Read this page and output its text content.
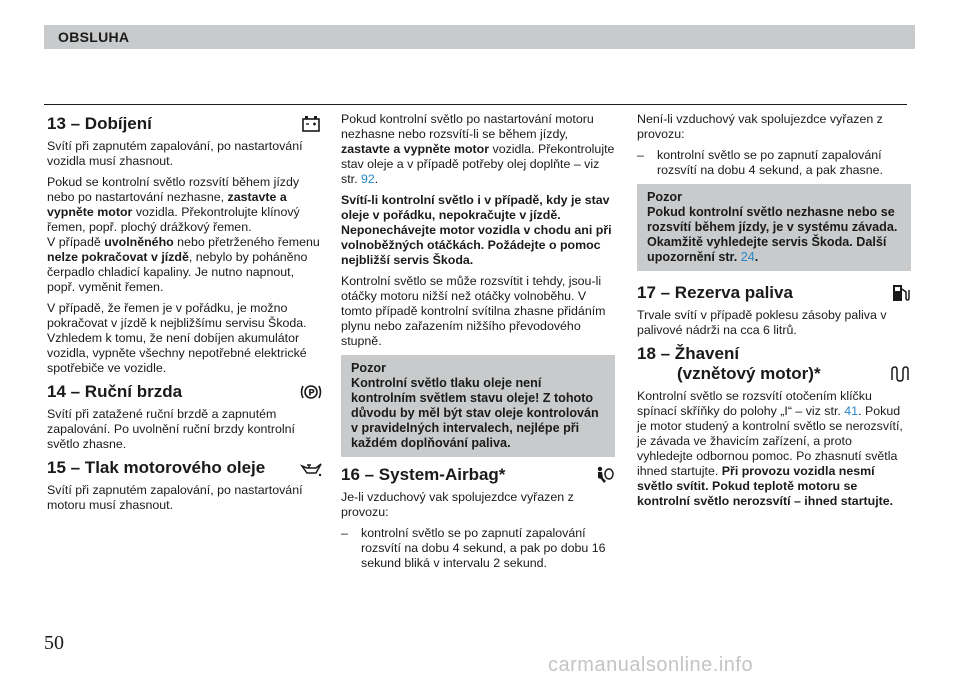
OBSLUHA
13 – Dobíjení

Svítí při zapnutém zapalování, po nastartování vozidla musí zhasnout.

Pokud se kontrolní světlo rozsvítí během jízdy nebo po nastartování nezhasne, zastavte a vypněte motor vozidla. Překontrolujte klínový řemen, popř. plochý drážkový řemen.
V případě uvolněného nebo přetrženého řemenu nelze pokračovat v jízdě, nebylo by poháněno čerpadlo chladicí kapaliny. Je nutno napnout, popř. vyměnit řemen.

V případě, že řemen je v pořádku, je možno pokračovat v jízdě k nejbližšímu servisu Škoda. Vzhledem k tomu, že není dobíjen akumulátor vozidla, vypněte všechny nepotřebné elektrické spotřebiče ve vozidle.

14 – Ruční brzda	P

Svítí při zatažené ruční brzdě a zapnutém zapalování. Po uvolnění ruční brzdy kontrolní světlo zhasne.

15 – Tlak motorového oleje

Svítí při zapnutém zapalování, po nastartování motoru musí zhasnout.

Pokud kontrolní světlo po nastartování motoru nezhasne nebo rozsvítí-li se během jízdy, zastavte a vypněte motor vozidla. Překontrolujte stav oleje a v případě potřeby olej doplňte – viz str. 92.

Svítí-li kontrolní světlo i v případě, kdy je stav oleje v pořádku, nepokračujte v jízdě. Neponechávejte motor vozidla v chodu ani při volnoběžných otáčkách. Požádejte o pomoc nejbližší servis Škoda.

Kontrolní světlo se může rozsvítit i tehdy, jsou-li otáčky motoru nižší než otáčky volnoběhu. V tomto případě kontrolní svítilna zhasne přidáním plynu nebo zařazením nižšího převodového stupně.

Pozor
Kontrolní světlo tlaku oleje není kontrolním světlem stavu oleje! Z tohoto důvodu by měl být stav oleje kontrolován v pravidelných intervalech, nejlépe při každém doplňování paliva.
16 – System-Airbag*

Je-li vzduchový vak spolujezdce vyřazen z provozu:

– kontrolní světlo se po zapnutí zapalování rozsvítí na dobu 4 sekund, a pak po dobu 16 sekund bliká v intervalu 2 sekund.

Není-li vzduchový vak spolujezdce vyřazen z provozu:

– kontrolní světlo se po zapnutí zapalování rozsvítí na dobu 4 sekund, a pak zhasne.
Pozor
Pokud kontrolní světlo nezhasne nebo se rozsvítí během jízdy, je v systému závada. Okamžitě vyhledejte servis Škoda. Další upozornění str. 24.
17 – Rezerva paliva

Trvale svítí v případě poklesu zásoby paliva v palivové nádrži na cca 6 litrů.

18 – Žhavení
(vznětový motor)*

Kontrolní světlo se rozsvítí otočením klíčku spínací skříňky do polohy „I“ – viz str. 41. Pokud je motor studený a kontrolní světlo se nerozsvítí, je závada ve žhavicím zařízení, a proto vyhledejte odbornou pomoc. Po zhasnutí světla ihned startujte. Při provozu vozidla nesmí světlo svítit. Pokud teplotě motoru se kontrolní světlo nerozsvítí – ihned startujte.

50
carmanualsonline.info
